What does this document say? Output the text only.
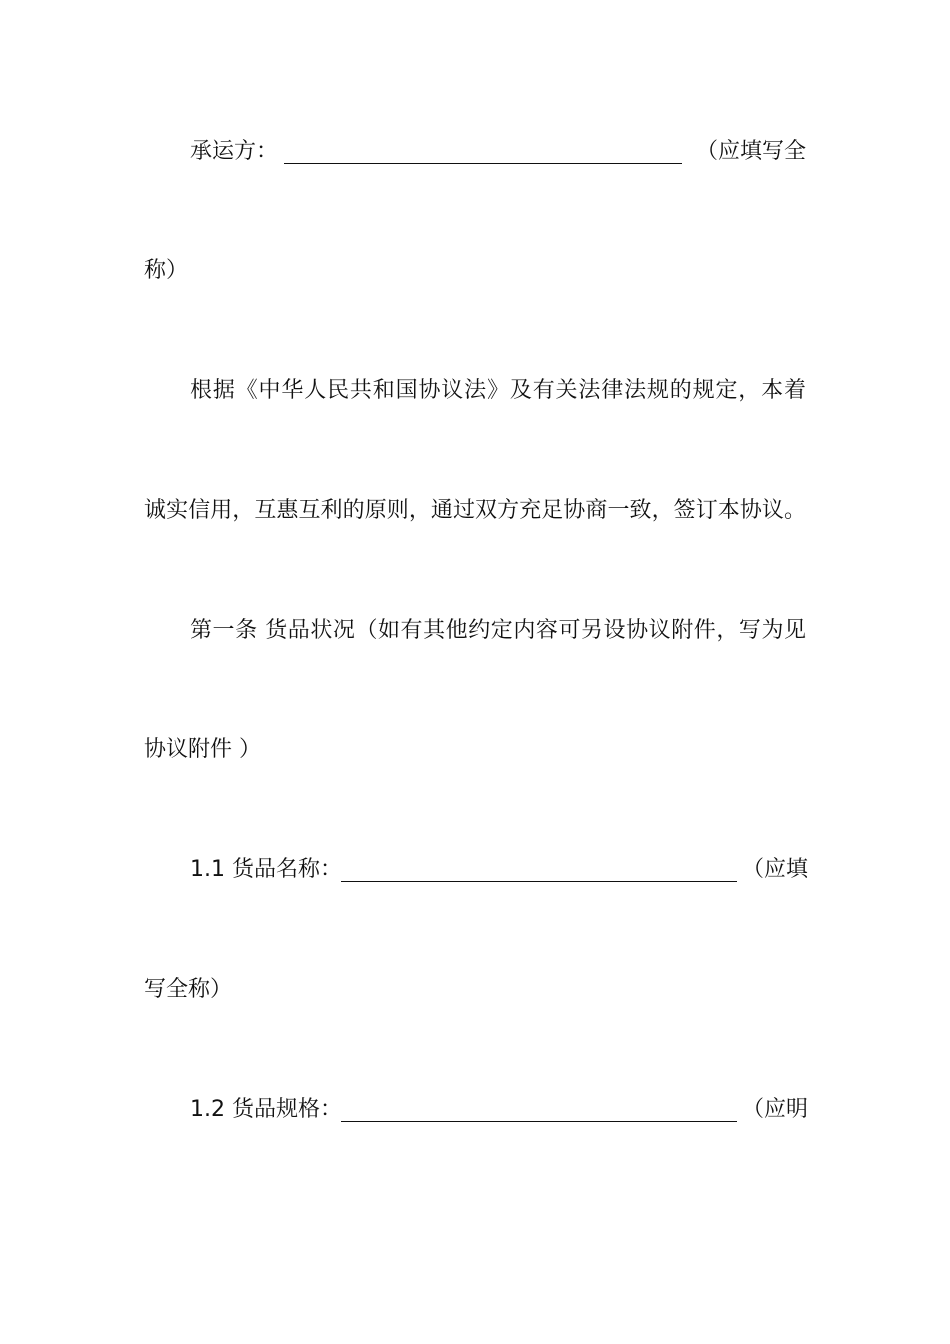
承运方：	（应填写全
称）
根据《中华人民共和国协议法》及有关法律法规的规定，本着
诚实信用，互惠互利的原则，通过双方充足协商一致，签订本协议。
第一条 货品状况（如有其他约定内容可另设协议附件，写为见
协议附件 ）
1.1 货品名称：	（应填
写全称）
1.2 货品规格：	（应明
